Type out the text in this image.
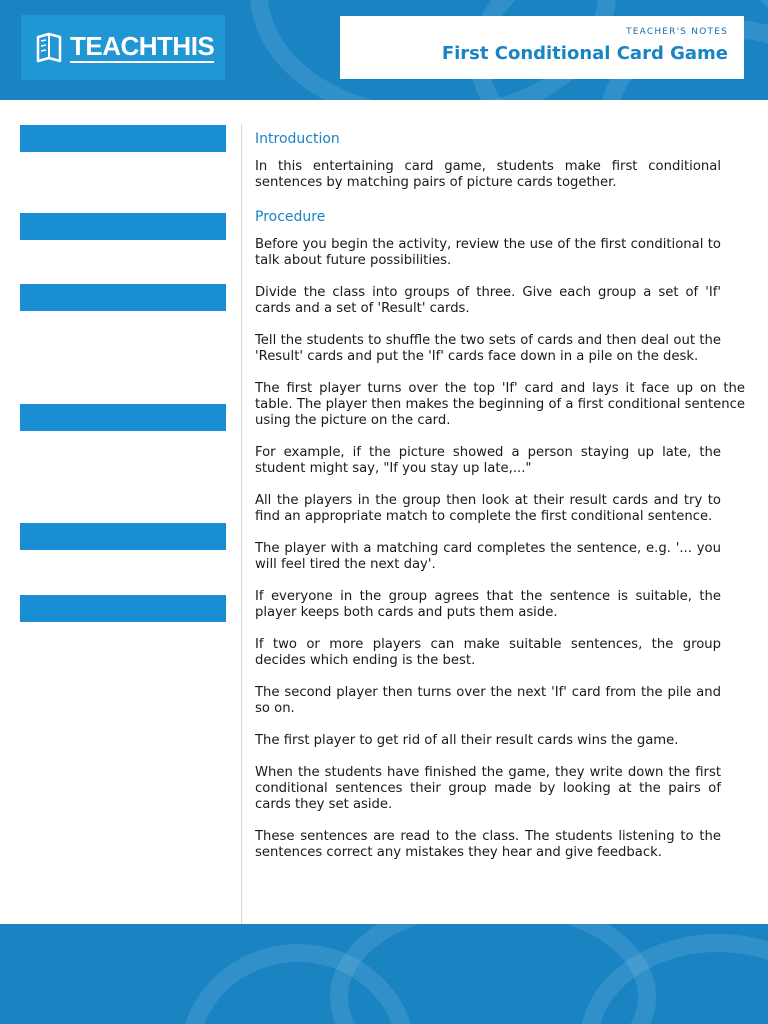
TEACHTHIS	TEACHER'S NOTES
First Conditional Card Game
Introduction

In this entertaining card game, students make first conditional sentences by matching pairs of picture cards together.

Procedure

Before you begin the activity, review the use of the first conditional to talk about future possibilities.

Divide the class into groups of three. Give each group a set of 'If' cards and a set of 'Result' cards.

Tell the students to shuffle the two sets of cards and then deal out the 'Result' cards and put the 'If' cards face down in a pile on the desk.

The first player turns over the top 'If' card and lays it face up on the table. The player then makes the beginning of a first conditional sentence using the picture on the card.

For example, if the picture showed a person staying up late, the student might say, "If you stay up late,..."

All the players in the group then look at their result cards and try to find an appropriate match to complete the first conditional sentence.

The player with a matching card completes the sentence, e.g. '... you will feel tired the next day'.

If everyone in the group agrees that the sentence is suitable, the player keeps both cards and puts them aside.

If two or more players can make suitable sentences, the group decides which ending is the best.

The second player then turns over the next 'If' card from the pile and so on.

The first player to get rid of all their result cards wins the game.

When the students have finished the game, they write down the first conditional sentences their group made by looking at the pairs of cards they set aside.

These sentences are read to the class. The students listening to the sentences correct any mistakes they hear and give feedback.
